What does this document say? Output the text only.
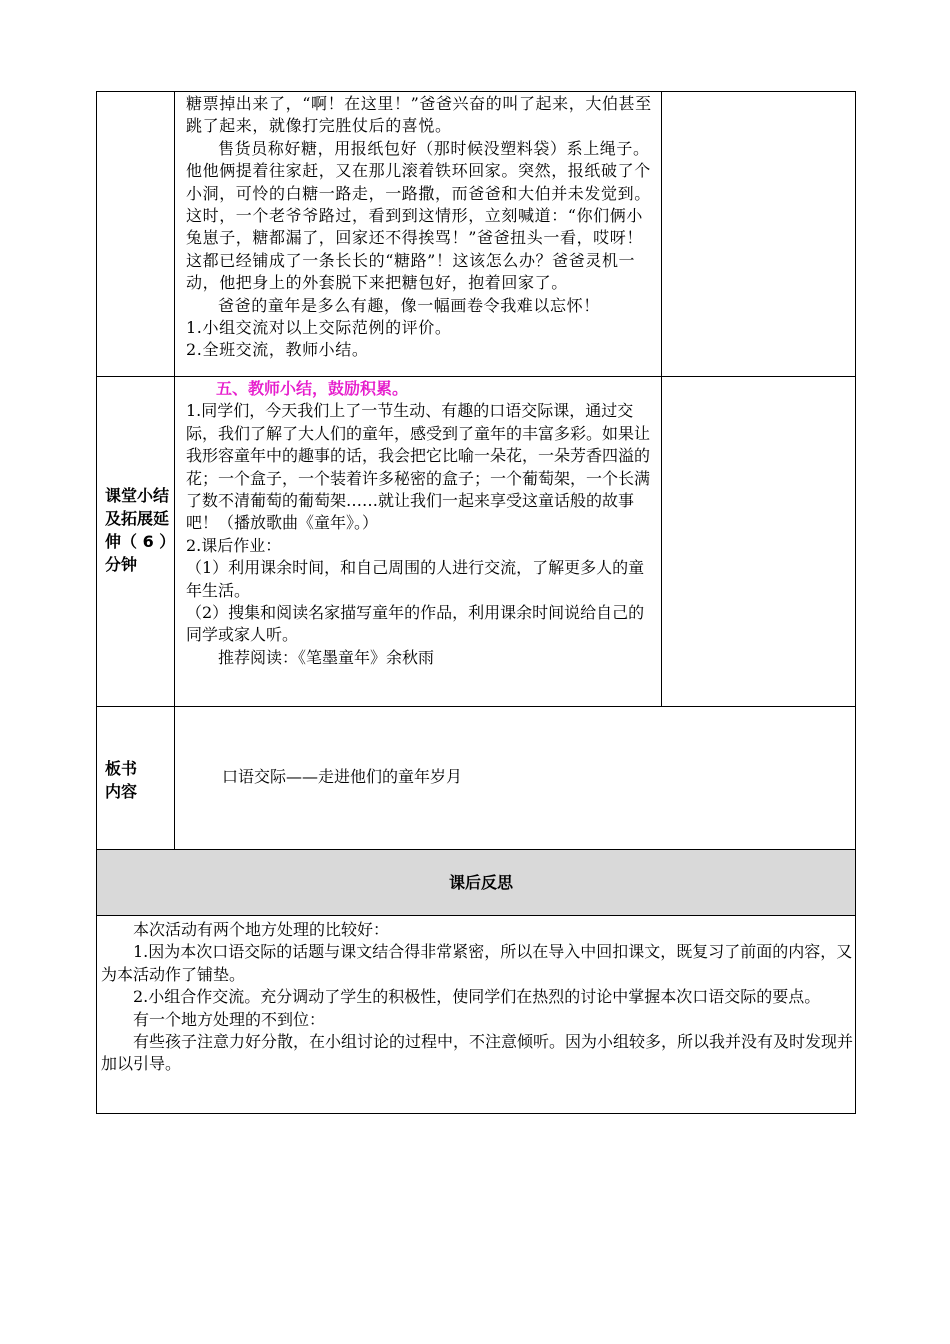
糖票掉出来了，“啊！在这里！”爸爸兴奋的叫了起来，大伯甚至跳了起来，就像打完胜仗后的喜悦。

售货员称好糖，用报纸包好（那时候没塑料袋）系上绳子。他他俩提着往家赶，又在那儿滚着铁环回家。突然，报纸破了个小洞，可怜的白糖一路走，一路撒，而爸爸和大伯并未发觉到。这时，一个老爷爷路过，看到到这情形，立刻喊道：“你们俩小兔崽子，糖都漏了，回家还不得挨骂！”爸爸扭头一看，哎呀！这都已经铺成了一条长长的“糖路”！这该怎么办？爸爸灵机一动，他把身上的外套脱下来把糖包好，抱着回家了。

爸爸的童年是多么有趣，像一幅画卷令我难以忘怀！

1.小组交流对以上交际范例的评价。

2.全班交流，教师小结。

课堂小结及拓展延伸（ 6 ）分钟

五、教师小结，鼓励积累。

1.同学们，今天我们上了一节生动、有趣的口语交际课，通过交际，我们了解了大人们的童年，感受到了童年的丰富多彩。如果让我形容童年中的趣事的话，我会把它比喻一朵花，一朵芳香四溢的花；一个盒子，一个装着许多秘密的盒子；一个葡萄架，一个长满了数不清葡萄的葡萄架……就让我们一起来享受这童话般的故事吧！（播放歌曲《童年》。）

2.课后作业：

（1）利用课余时间，和自己周围的人进行交流，了解更多人的童年生活。

（2）搜集和阅读名家描写童年的作品，利用课余时间说给自己的同学或家人听。

推荐阅读：《笔墨童年》余秋雨

板书内容

口语交际——走进他们的童年岁月

课后反思

本次活动有两个地方处理的比较好：

1.因为本次口语交际的话题与课文结合得非常紧密，所以在导入中回扣课文，既复习了前面的内容，又为本活动作了铺垫。

2.小组合作交流。充分调动了学生的积极性，使同学们在热烈的讨论中掌握本次口语交际的要点。

有一个地方处理的不到位：

有些孩子注意力好分散，在小组讨论的过程中，不注意倾听。因为小组较多，所以我并没有及时发现并加以引导。
